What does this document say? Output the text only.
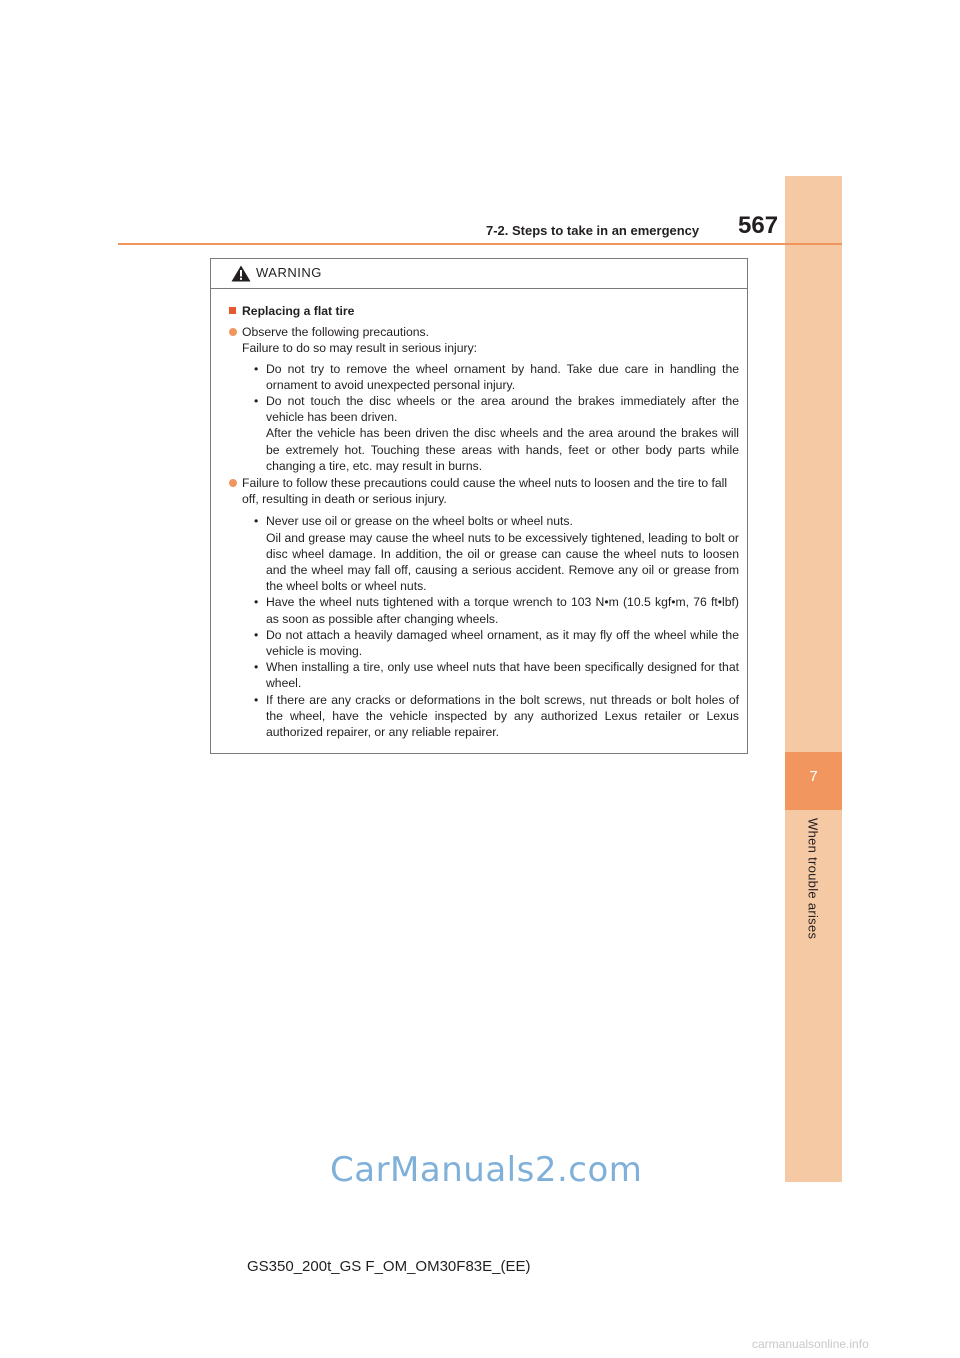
7
When trouble arises
7-2. Steps to take in an emergency 567
WARNING
Replacing a flat tire
Observe the following precautions.
Failure to do so may result in serious injury:
• Do not try to remove the wheel ornament by hand. Take due care in handling the ornament to avoid unexpected personal injury.
• Do not touch the disc wheels or the area around the brakes immediately after the vehicle has been driven.
After the vehicle has been driven the disc wheels and the area around the brakes will be extremely hot. Touching these areas with hands, feet or other body parts while changing a tire, etc. may result in burns.
Failure to follow these precautions could cause the wheel nuts to loosen and the tire to fall off, resulting in death or serious injury.
• Never use oil or grease on the wheel bolts or wheel nuts.
Oil and grease may cause the wheel nuts to be excessively tightened, leading to bolt or disc wheel damage. In addition, the oil or grease can cause the wheel nuts to loosen and the wheel may fall off, causing a serious accident. Remove any oil or grease from the wheel bolts or wheel nuts.
• Have the wheel nuts tightened with a torque wrench to 103 N•m (10.5 kgf•m, 76 ft•lbf) as soon as possible after changing wheels.
• Do not attach a heavily damaged wheel ornament, as it may fly off the wheel while the vehicle is moving.
• When installing a tire, only use wheel nuts that have been specifically designed for that wheel.
• If there are any cracks or deformations in the bolt screws, nut threads or bolt holes of the wheel, have the vehicle inspected by any authorized Lexus retailer or Lexus authorized repairer, or any reliable repairer.
CarManuals2.com
GS350_200t_GS F_OM_OM30F83E_(EE)
carmanualsonline.info
